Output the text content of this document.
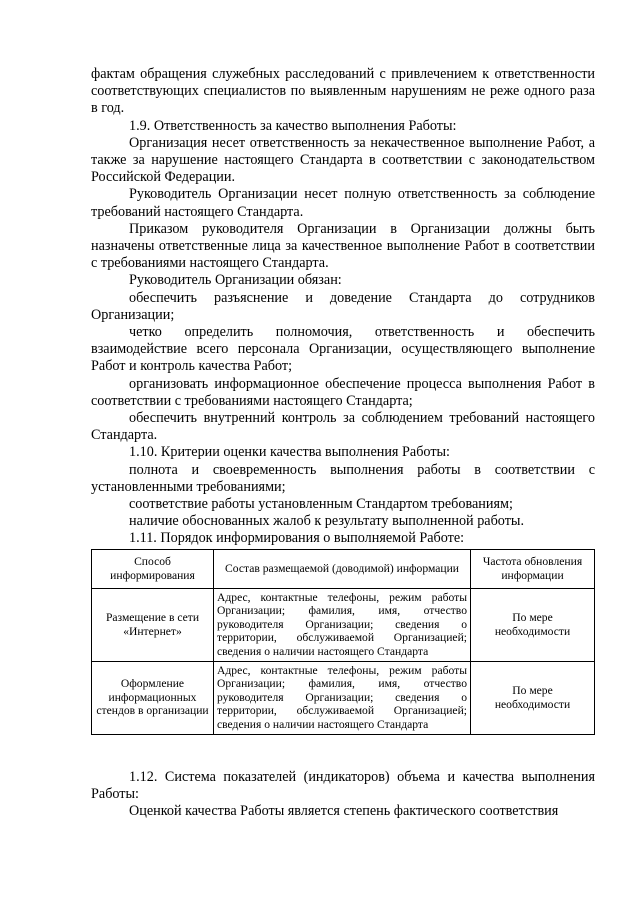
фактам обращения служебных расследований с привлечением к ответственности соответствующих специалистов по выявленным нарушениям не реже одного раза в год.

1.9. Ответственность за качество выполнения Работы:

Организация несет ответственность за некачественное выполнение Работ, а также за нарушение настоящего Стандарта в соответствии с законодательством Российской Федерации.

Руководитель Организации несет полную ответственность за соблюдение требований настоящего Стандарта.

Приказом руководителя Организации в Организации должны быть назначены ответственные лица за качественное выполнение Работ в соответствии с требованиями настоящего Стандарта.

Руководитель Организации обязан:

обеспечить разъяснение и доведение Стандарта до сотрудников Организации;

четко определить полномочия, ответственность и обеспечить взаимодействие всего персонала Организации, осуществляющего выполнение Работ и контроль качества Работ;

организовать информационное обеспечение процесса выполнения Работ в соответствии с требованиями настоящего Стандарта;

обеспечить внутренний контроль за соблюдением требований настоящего Стандарта.

1.10. Критерии оценки качества выполнения Работы:

полнота и своевременность выполнения работы в соответствии с установленными требованиями;

соответствие работы установленным Стандартом требованиям;

наличие обоснованных жалоб к результату выполненной работы.

1.11. Порядок информирования о выполняемой Работе:

Способ информирования	Состав размещаемой (доводимой) информации	Частота обновления информации
Размещение в сети «Интернет»	Адрес, контактные телефоны, режим работы Организации; фамилия, имя, отчество руководителя Организации; сведения о территории, обслуживаемой Организацией; сведения о наличии настоящего Стандарта	По мере необходимости
Оформление информационных стендов в организации	Адрес, контактные телефоны, режим работы Организации; фамилия, имя, отчество руководителя Организации; сведения о территории, обслуживаемой Организацией; сведения о наличии настоящего Стандарта	По мере необходимости

1.12. Система показателей (индикаторов) объема и качества выполнения Работы:

Оценкой качества Работы является степень фактического соответствия
